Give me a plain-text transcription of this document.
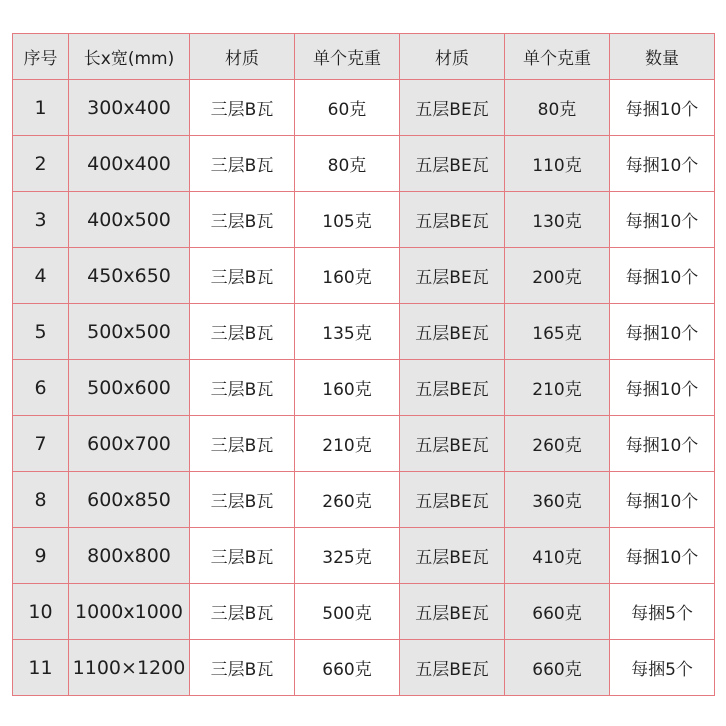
序号	长x宽(mm)	材质	单个克重	材质	单个克重	数量
1	300x400	三层B瓦	60克	五层BE瓦	80克	每捆10个
2	400x400	三层B瓦	80克	五层BE瓦	110克	每捆10个
3	400x500	三层B瓦	105克	五层BE瓦	130克	每捆10个
4	450x650	三层B瓦	160克	五层BE瓦	200克	每捆10个
5	500x500	三层B瓦	135克	五层BE瓦	165克	每捆10个
6	500x600	三层B瓦	160克	五层BE瓦	210克	每捆10个
7	600x700	三层B瓦	210克	五层BE瓦	260克	每捆10个
8	600x850	三层B瓦	260克	五层BE瓦	360克	每捆10个
9	800x800	三层B瓦	325克	五层BE瓦	410克	每捆10个
10	1000x1000	三层B瓦	500克	五层BE瓦	660克	每捆5个
11	1100×1200	三层B瓦	660克	五层BE瓦	660克	每捆5个
